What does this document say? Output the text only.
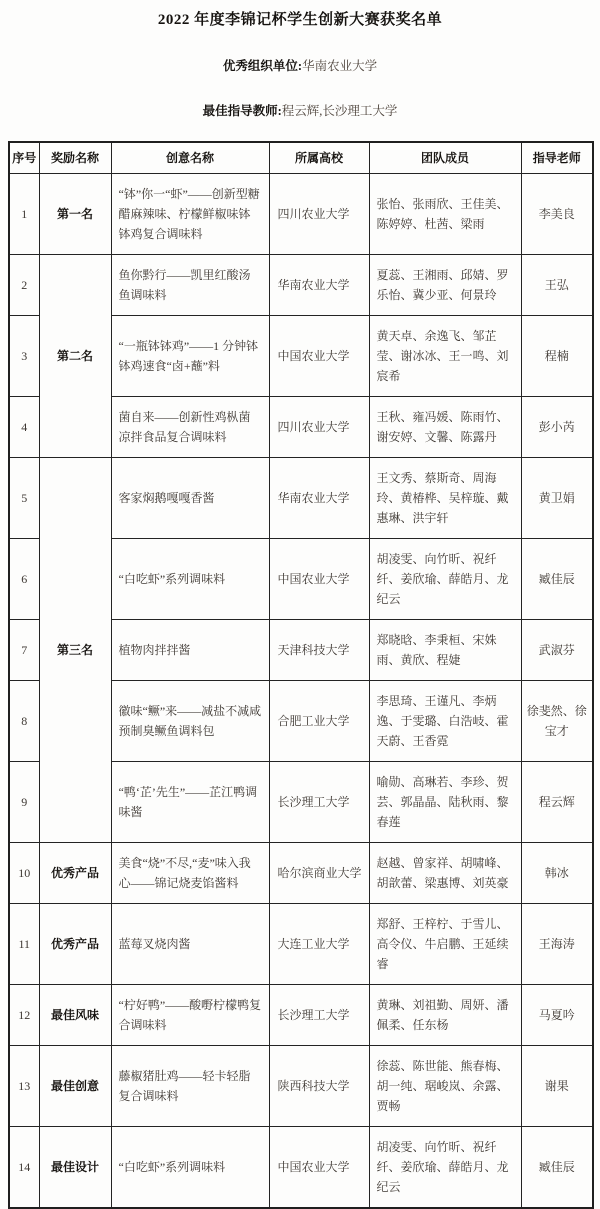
2022 年度李锦记杯学生创新大赛获奖名单
优秀组织单位:华南农业大学
最佳指导教师:程云辉,长沙理工大学
序号	奖励名称	创意名称	所属高校	团队成员	指导老师
1	第一名	“钵”你一“虾”——创新型糖醋麻辣味、柠檬鲜椒味钵钵鸡复合调味料	四川农业大学	张怡、张雨欣、王佳美、陈婷婷、杜茜、梁雨	李美良
2	第二名	鱼你黔行——凯里红酸汤鱼调味料	华南农业大学	夏蕊、王湘雨、邱婧、罗乐怡、冀少亚、何景玲	王弘
3		“一瓶钵钵鸡”——1 分钟钵钵鸡速食“卤+蘸”料	中国农业大学	黄天卓、余逸飞、邹芷莹、谢冰冰、王一鸣、刘宸希	程楠
4		菌自来——创新性鸡枞菌凉拌食品复合调味料	四川农业大学	王秋、雍冯媛、陈雨竹、谢安婷、文馨、陈露丹	彭小芮
5	第三名	客家焖鹅嘎嘎香酱	华南农业大学	王文秀、蔡斯奇、周海玲、黄椿桦、吴梓璇、戴惠琳、洪宇轩	黄卫娟
6		“白吃虾”系列调味料	中国农业大学	胡凌雯、向竹昕、祝纤纤、姜欣瑜、薛皓月、龙纪云	臧佳辰
7		植物肉拌拌酱	天津科技大学	郑晓晗、李秉桓、宋姝雨、黄欣、程婕	武淑芬
8		徽味“鳜”来——减盐不减咸预制臭鳜鱼调料包	合肥工业大学	李思琦、王谨凡、李炳逸、于雯璐、白浩岐、霍天蔚、王香霓	徐斐然、徐宝才
9		“鸭‘芷’先生”——芷江鸭调味酱	长沙理工大学	喻勋、高琳若、李珍、贺芸、郭晶晶、陆秋雨、黎春莲	程云辉
10	优秀产品	美食“烧”不尽,“麦”味入我心——锦记烧麦馅酱料	哈尔滨商业大学	赵越、曾家祥、胡啸峰、胡歆蕾、梁惠博、刘英豪	韩冰
11	优秀产品	蓝莓叉烧肉酱	大连工业大学	郑舒、王梓柠、于雪儿、高令仪、牛启鹏、王延续睿	王海涛
12	最佳风味	“柠好鸭”——酸嘢柠檬鸭复合调味料	长沙理工大学	黄琳、刘祖勤、周妍、潘佩柔、任东杨	马夏吟
13	最佳创意	藤椒猪肚鸡——轻卡轻脂复合调味料	陕西科技大学	徐蕊、陈世能、熊春梅、胡一纯、琚峻岚、余露、贾畅	谢果
14	最佳设计	“白吃虾”系列调味料	中国农业大学	胡凌雯、向竹昕、祝纤纤、姜欣瑜、薛皓月、龙纪云	臧佳辰
